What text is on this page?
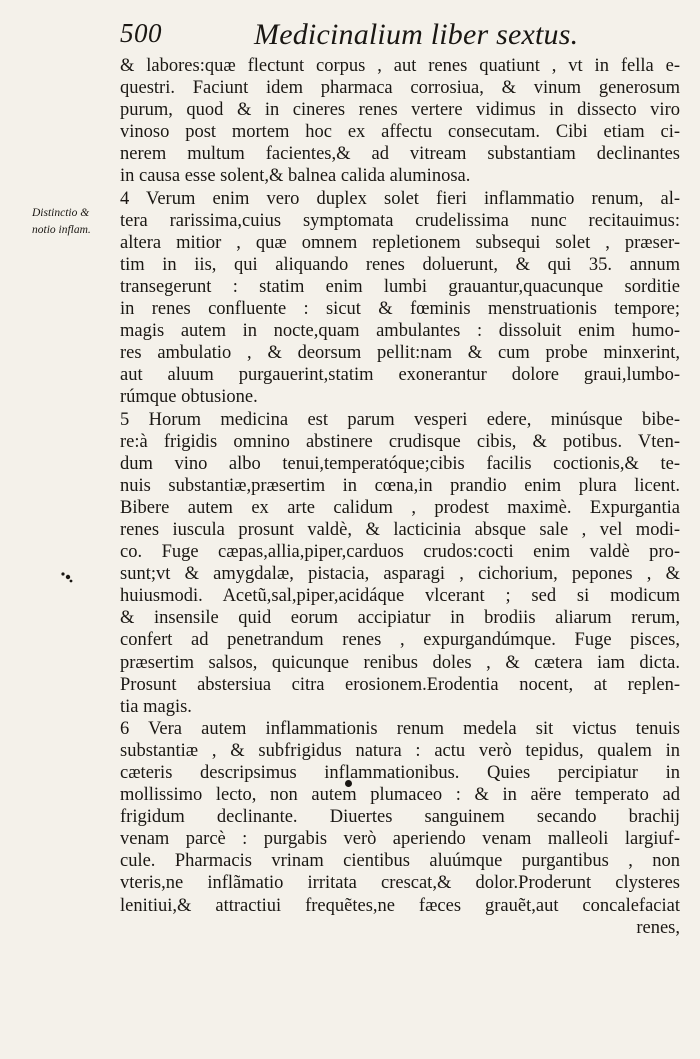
500	Medicinalium liber sextus.
Distinctio &
notio inflam.
& labores:quæ flectunt corpus , aut renes quatiunt , vt in fella e-
questri. Faciunt idem pharmaca corrosiua, & vinum generosum
purum, quod & in cineres renes vertere vidimus in dissecto viro
vinoso post mortem hoc ex affectu consecutam. Cibi etiam ci-
nerem multum facientes,& ad vitream substantiam declinantes
in causa esse solent,& balnea calida aluminosa.
4 Verum enim vero duplex solet fieri inflammatio renum, al-
tera rarissima,cuius symptomata crudelissima nunc recitauimus:
altera mitior , quæ omnem repletionem subsequi solet , præser-
tim in iis, qui aliquando renes doluerunt, & qui 35. annum
transegerunt : statim enim lumbi grauantur,quacunque sorditie
in renes confluente : sicut & fœminis menstruationis tempore;
magis autem in nocte,quam ambulantes : dissoluit enim humo-
res ambulatio , & deorsum pellit:nam & cum probe minxerint,
aut aluum purgauerint,statim exonerantur dolore graui,lumbo-
rúmque obtusione.
5 Horum medicina est parum vesperi edere, minúsque bibe-
re:à frigidis omnino abstinere crudisque cibis, & potibus. Vten-
dum vino albo tenui,temperatóque;cibis facilis coctionis,& te-
nuis substantiæ,præsertim in cœna,in prandio enim plura licent.
Bibere autem ex arte calidum , prodest maximè. Expurgantia
renes iuscula prosunt valdè, & lacticinia absque sale , vel modi-
co. Fuge cæpas,allia,piper,carduos crudos:cocti enim valdè pro-
sunt;vt & amygdalæ, pistacia, asparagi , cichorium, pepones , &
huiusmodi. Acetũ,sal,piper,acidáque vlcerant ; sed si modicum
& insensile quid eorum accipiatur in brodiis aliarum rerum,
confert ad penetrandum renes , expurgandúmque. Fuge pisces,
præsertim salsos, quicunque renibus doles , & cætera iam dicta.
Prosunt abstersiua citra erosionem.Erodentia nocent, at replen-
tia magis.
6 Vera autem inflammationis renum medela sit victus tenuis
substantiæ , & subfrigidus natura : actu verò tepidus, qualem in
cæteris descripsimus inflammationibus. Quies percipiatur in
mollissimo lecto, non autem plumaceo : & in aëre temperato ad
frigidum declinante. Diuertes sanguinem secando brachij
venam parcè : purgabis verò aperiendo venam malleoli largiuf-
cule. Pharmacis vrinam cientibus aluúmque purgantibus , non
vteris,ne inflãmatio irritata crescat,& dolor.Proderunt clysteres
lenitiui,& attractiui frequẽtes,ne fæces grauẽt,aut concalefaciat
renes,
